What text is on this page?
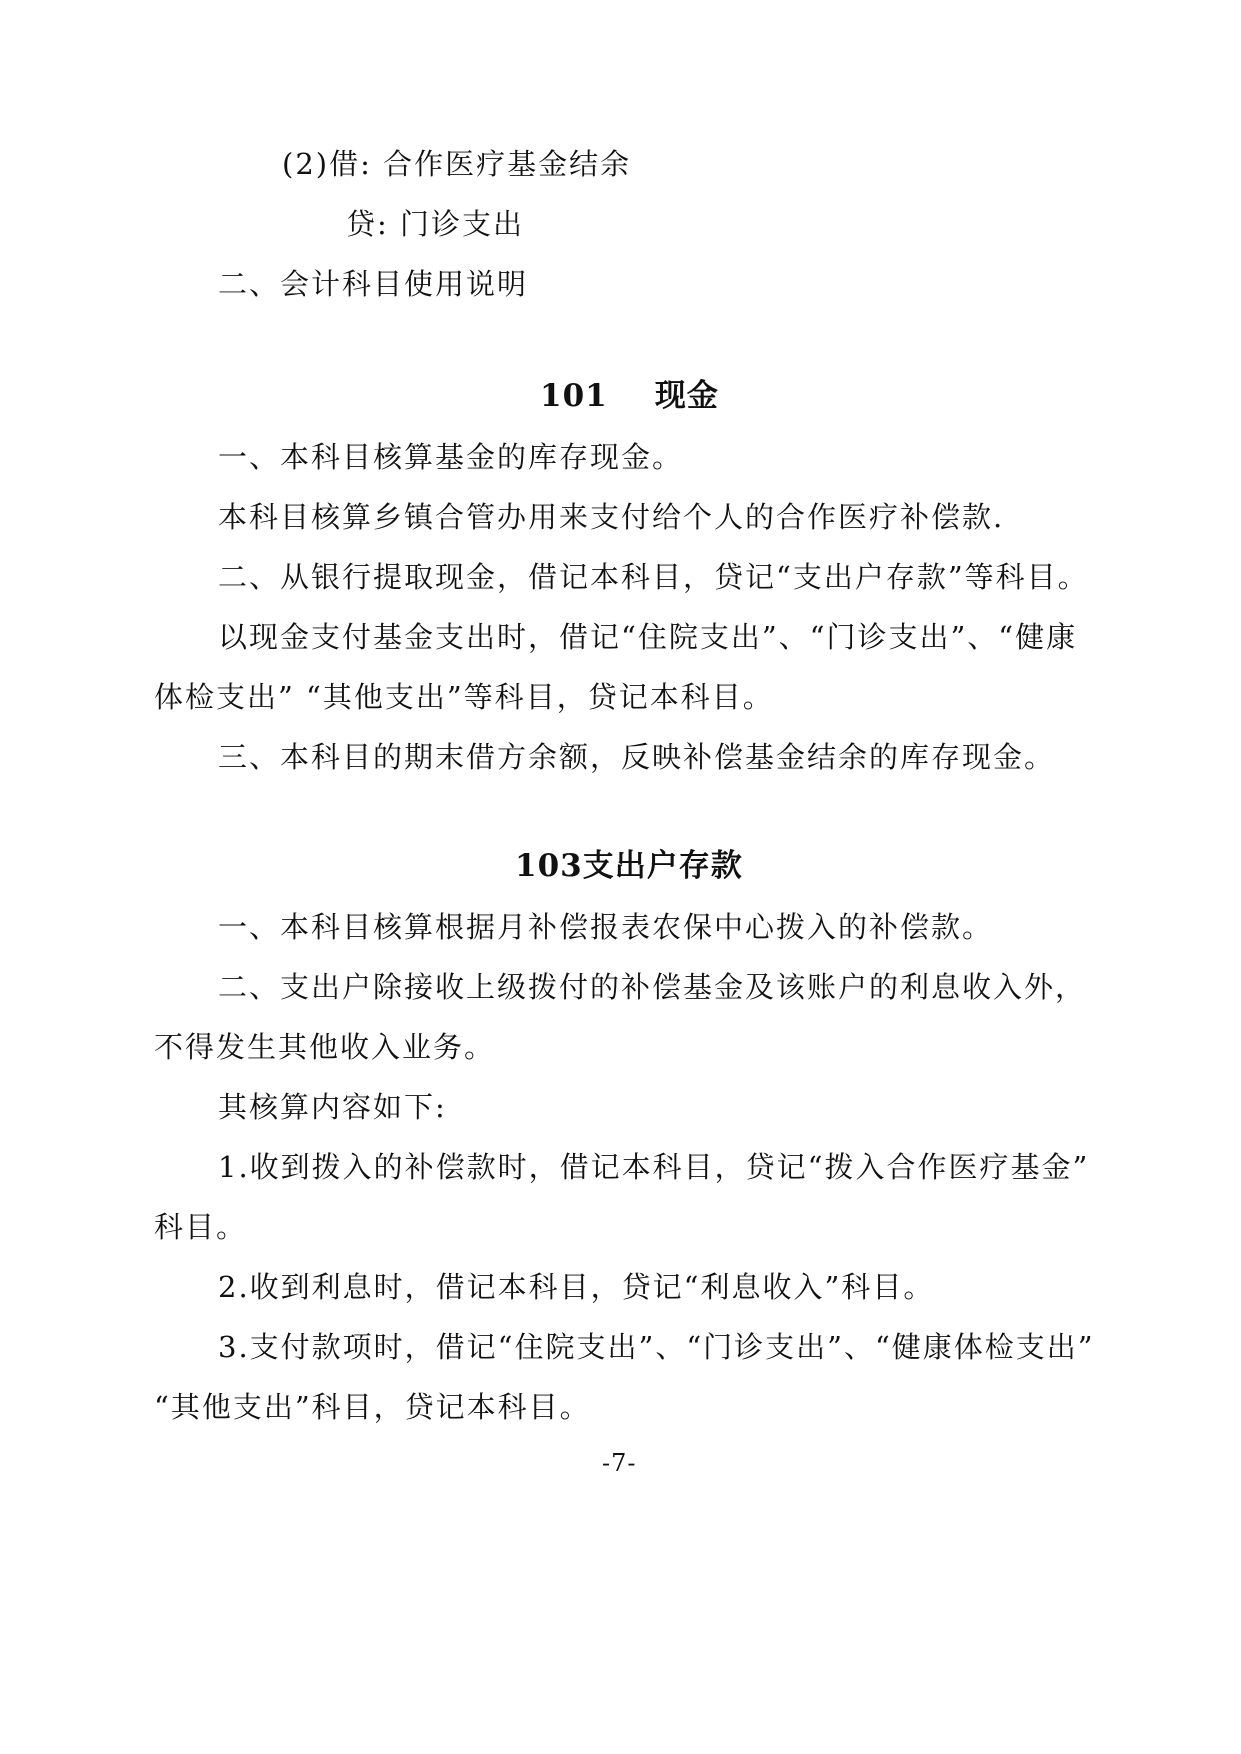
(2)借: 合作医疗基金结余
贷: 门诊支出
二、会计科目使用说明
101    现金
一、本科目核算基金的库存现金。
本科目核算乡镇合管办用来支付给个人的合作医疗补偿款.
二、从银行提取现金，借记本科目，贷记“支出户存款”等科目。
以现金支付基金支出时，借记“住院支出”、“门诊支出”、“健康
体检支出” “其他支出”等科目，贷记本科目。
三、本科目的期末借方余额，反映补偿基金结余的库存现金。
103支出户存款
一、本科目核算根据月补偿报表农保中心拨入的补偿款。
二、支出户除接收上级拨付的补偿基金及该账户的利息收入外，
不得发生其他收入业务。
其核算内容如下:
1.收到拨入的补偿款时，借记本科目，贷记“拨入合作医疗基金”
科目。
2.收到利息时，借记本科目，贷记“利息收入”科目。
3.支付款项时，借记“住院支出”、“门诊支出”、“健康体检支出”
“其他支出”科目，贷记本科目。
-7-
